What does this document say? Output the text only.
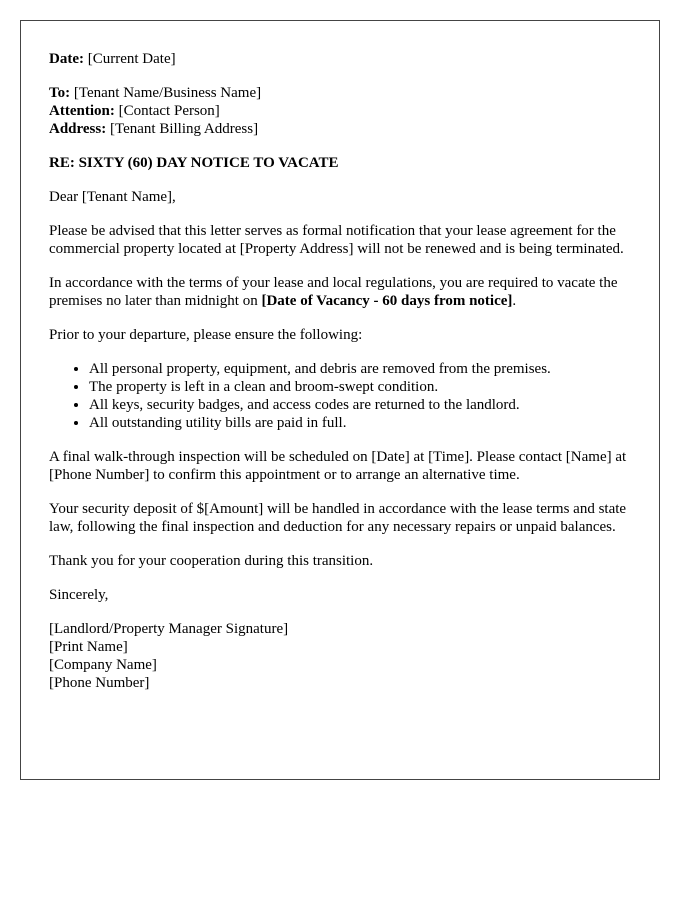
Date: [Current Date]

To: [Tenant Name/Business Name]
Attention: [Contact Person]
Address: [Tenant Billing Address]

RE: SIXTY (60) DAY NOTICE TO VACATE

Dear [Tenant Name],

Please be advised that this letter serves as formal notification that your lease agreement for the commercial property located at [Property Address] will not be renewed and is being terminated.

In accordance with the terms of your lease and local regulations, you are required to vacate the premises no later than midnight on [Date of Vacancy - 60 days from notice].

Prior to your departure, please ensure the following:

• All personal property, equipment, and debris are removed from the premises.
• The property is left in a clean and broom-swept condition.
• All keys, security badges, and access codes are returned to the landlord.
• All outstanding utility bills are paid in full.

A final walk-through inspection will be scheduled on [Date] at [Time]. Please contact [Name] at [Phone Number] to confirm this appointment or to arrange an alternative time.

Your security deposit of $[Amount] will be handled in accordance with the lease terms and state law, following the final inspection and deduction for any necessary repairs or unpaid balances.

Thank you for your cooperation during this transition.

Sincerely,

[Landlord/Property Manager Signature]
[Print Name]
[Company Name]
[Phone Number]
